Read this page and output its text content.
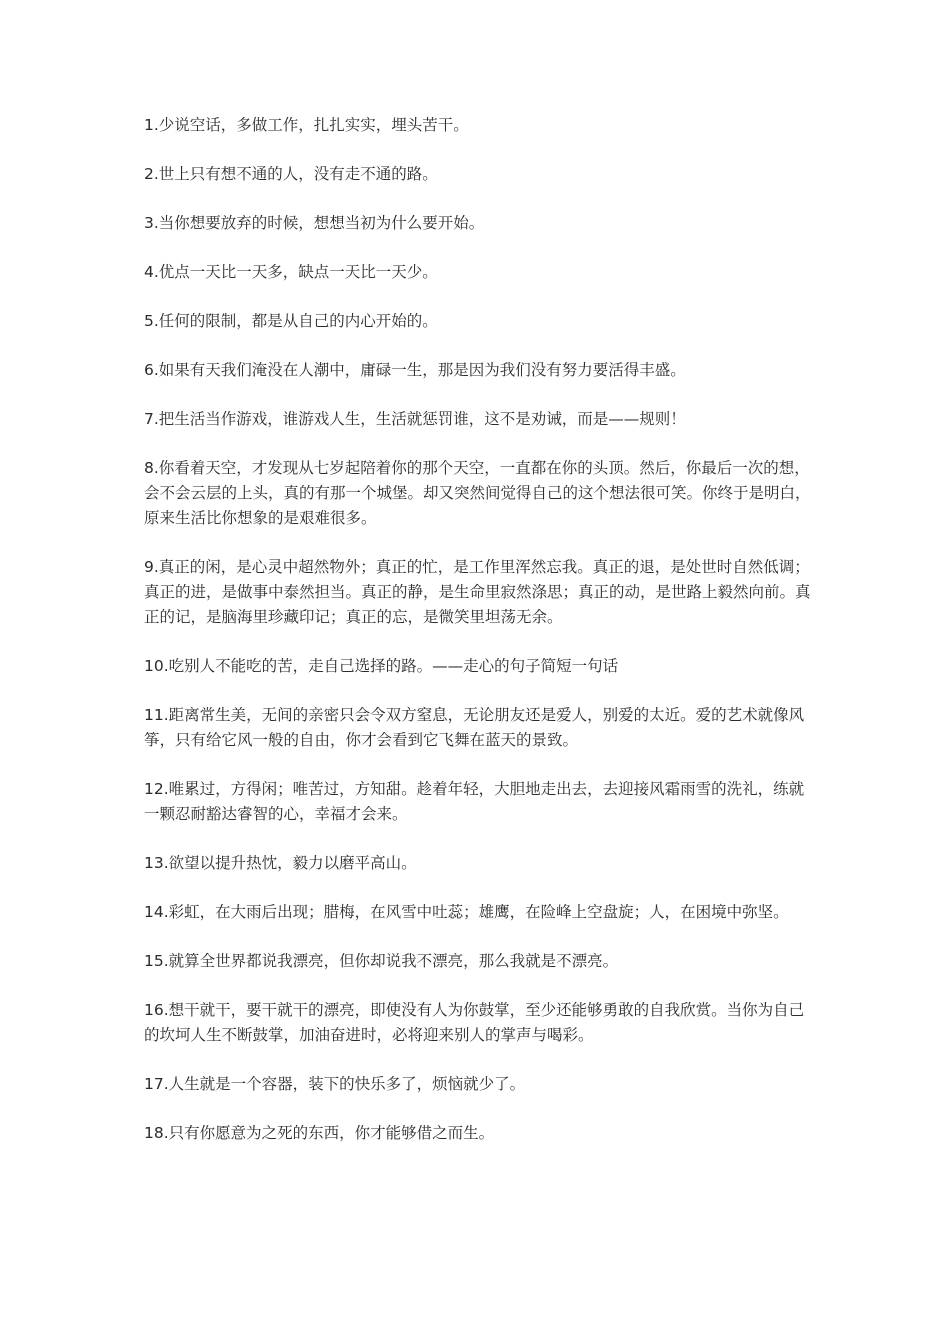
1.少说空话，多做工作，扎扎实实，埋头苦干。

2.世上只有想不通的人，没有走不通的路。

3.当你想要放弃的时候，想想当初为什么要开始。

4.优点一天比一天多，缺点一天比一天少。

5.任何的限制，都是从自己的内心开始的。

6.如果有天我们淹没在人潮中，庸碌一生，那是因为我们没有努力要活得丰盛。

7.把生活当作游戏，谁游戏人生，生活就惩罚谁，这不是劝诫，而是——规则！

8.你看着天空，才发现从七岁起陪着你的那个天空，一直都在你的头顶。然后，你最后一次的想，会不会云层的上头，真的有那一个城堡。却又突然间觉得自己的这个想法很可笑。你终于是明白，原来生活比你想象的是艰难很多。

9.真正的闲，是心灵中超然物外；真正的忙，是工作里浑然忘我。真正的退，是处世时自然低调；真正的进，是做事中泰然担当。真正的静，是生命里寂然涤思；真正的动，是世路上毅然向前。真正的记，是脑海里珍藏印记；真正的忘，是微笑里坦荡无余。

10.吃别人不能吃的苦，走自己选择的路。——走心的句子简短一句话

11.距离常生美，无间的亲密只会令双方窒息，无论朋友还是爱人，别爱的太近。爱的艺术就像风筝，只有给它风一般的自由，你才会看到它飞舞在蓝天的景致。

12.唯累过，方得闲；唯苦过，方知甜。趁着年轻，大胆地走出去，去迎接风霜雨雪的洗礼，练就一颗忍耐豁达睿智的心，幸福才会来。

13.欲望以提升热忱，毅力以磨平高山。

14.彩虹，在大雨后出现；腊梅，在风雪中吐蕊；雄鹰，在险峰上空盘旋；人，在困境中弥坚。

15.就算全世界都说我漂亮，但你却说我不漂亮，那么我就是不漂亮。

16.想干就干，要干就干的漂亮，即使没有人为你鼓掌，至少还能够勇敢的自我欣赏。当你为自己的坎坷人生不断鼓掌，加油奋进时，必将迎来别人的掌声与喝彩。

17.人生就是一个容器，装下的快乐多了，烦恼就少了。

18.只有你愿意为之死的东西，你才能够借之而生。
